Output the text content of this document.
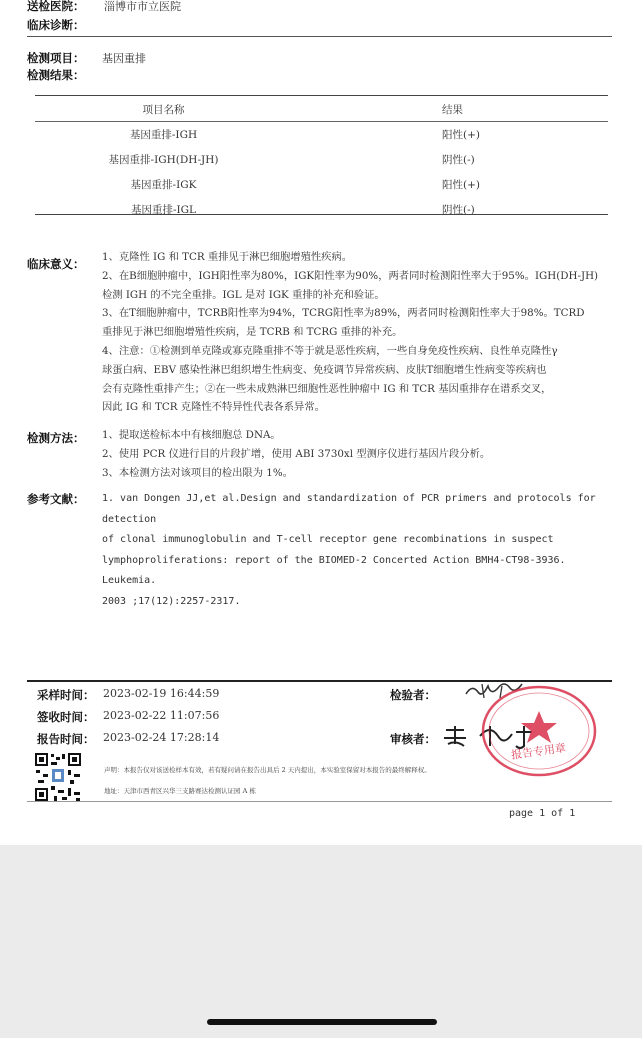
送检医院： 淄博市市立医院
临床诊断：
检测项目： 基因重排
检测结果：
项目名称	结果
基因重排-IGH	阳性(+)
基因重排-IGH(DH-JH)	阴性(-)
基因重排-IGK	阳性(+)
基因重排-IGL	阴性(-)
临床意义： 1、克隆性 IG 和 TCR 重排见于淋巴细胞增殖性疾病。

2、在B细胞肿瘤中，IGH阳性率为80%，IGK阳性率为90%，两者同时检测阳性率大于95%。IGH(DH-JH)

检测 IGH 的不完全重排。IGL 是对 IGK 重排的补充和验证。

3、在T细胞肿瘤中，TCRB阳性率为94%，TCRG阳性率为89%，两者同时检测阳性率大于98%。TCRD

重排见于淋巴细胞增殖性疾病，是 TCRB 和 TCRG 重排的补充。

4、注意：①检测到单克隆或寡克隆重排不等于就是恶性疾病，一些自身免疫性疾病、良性单克隆性γ

球蛋白病、EBV 感染性淋巴组织增生性病变、免疫调节异常疾病、皮肤T细胞增生性病变等疾病也

会有克隆性重排产生；②在一些未成熟淋巴细胞性恶性肿瘤中 IG 和 TCR 基因重排存在谱系交叉，

因此 IG 和 TCR 克隆性不特异性代表各系异常。

检测方法： 1、提取送检标本中有核细胞总 DNA。

2、使用 PCR 仪进行目的片段扩增，使用 ABI 3730xl 型测序仪进行基因片段分析。

3、本检测方法对该项目的检出限为 1%。

参考文献： 1. van Dongen JJ,et al.Design and standardization of PCR primers and protocols for detection
of clonal immunoglobulin and T-cell receptor gene recombinations in suspect
lymphoproliferations: report of the BIOMED-2 Concerted Action BMH4-CT98-3936. Leukemia.
2003 ;17(12):2257-2317.
采样时间： 2023-02-19 16:44:59
签收时间： 2023-02-22 11:07:56
报告时间： 2023-02-24 17:28:14
检验者：
审核者：
报告专用章
声明：本报告仅对该送检样本有效，若有疑问请在报告出具后 2 天内提出，本实验室保留对本报告的最终解释权。
地址：天津市西青区兴华三支路赛达检测认证园 A 栋
page 1 of 1
